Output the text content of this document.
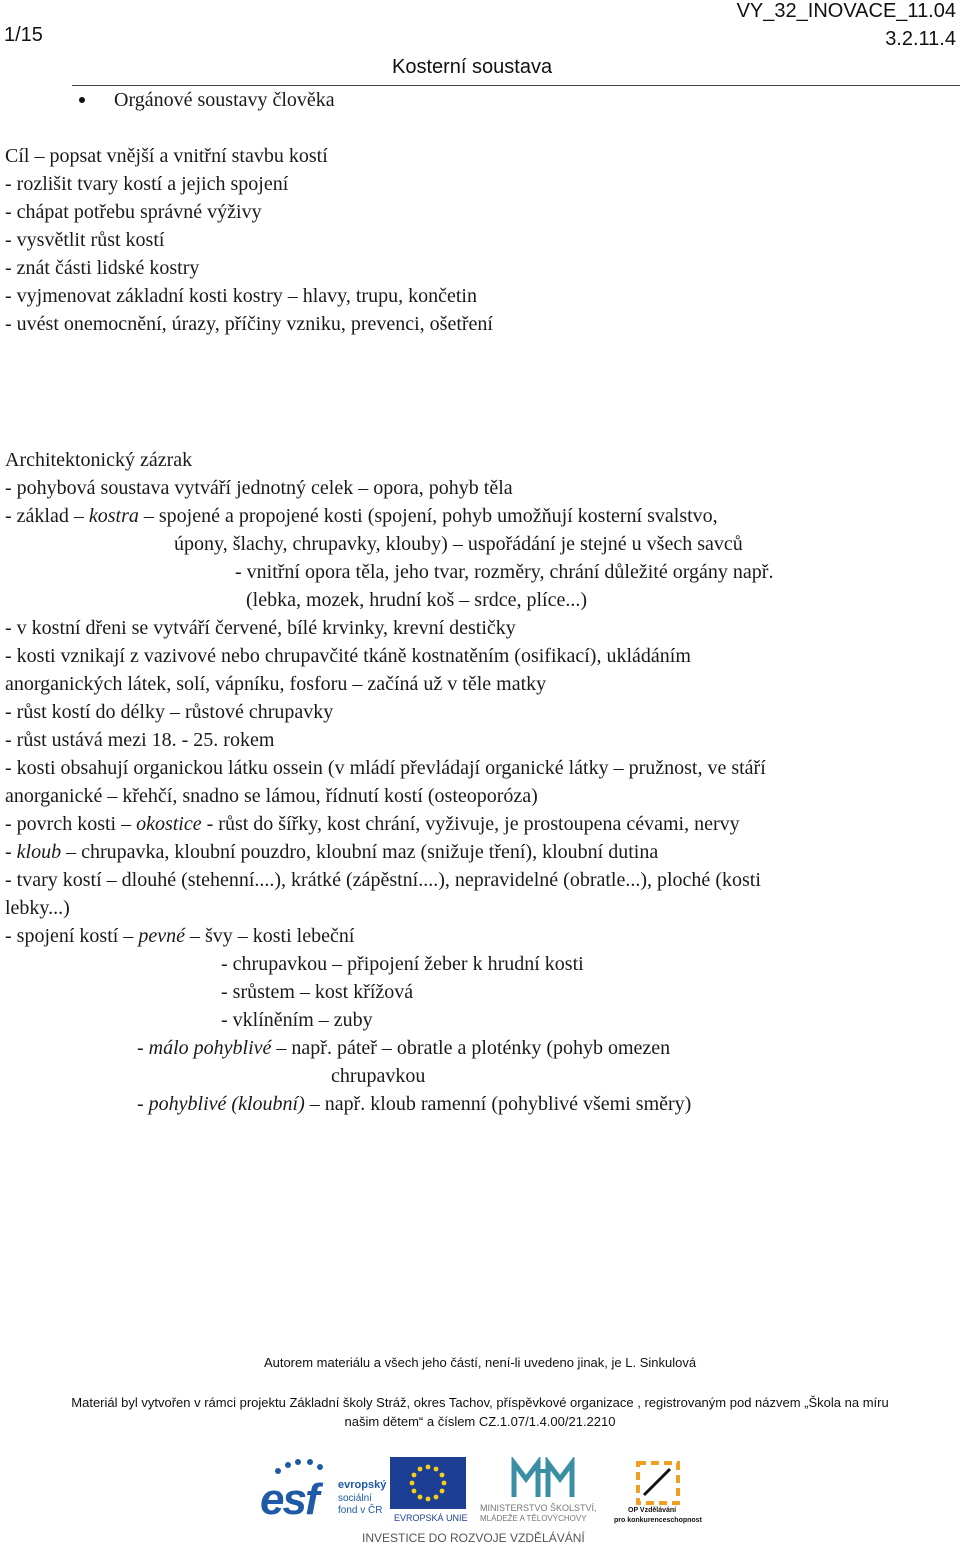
1/15
VY_32_INOVACE_11.04
3.2.11.4
Kosterní soustava
Orgánové soustavy člověka
Cíl – popsat vnější a vnitřní stavbu kostí
- rozlišit tvary kostí a jejich spojení
- chápat potřebu správné výživy
- vysvětlit růst kostí
- znát části lidské kostry
- vyjmenovat základní kosti kostry – hlavy, trupu, končetin
- uvést onemocnění, úrazy, příčiny vzniku, prevenci, ošetření
Architektonický zázrak
- pohybová soustava vytváří jednotný celek – opora, pohyb těla
- základ – kostra – spojené a propojené kosti (spojení, pohyb umožňují kosterní svalstvo,
úpony, šlachy, chrupavky, klouby) – uspořádání je stejné u všech savců
- vnitřní opora těla, jeho tvar, rozměry, chrání důležité orgány např.
(lebka, mozek, hrudní koš – srdce, plíce...)
- v kostní dřeni se vytváří červené, bílé krvinky, krevní destičky
- kosti vznikají z vazivové nebo chrupavčité tkáně kostnatěním (osifikací), ukládáním
anorganických látek, solí, vápníku, fosforu – začíná už v těle matky
- růst kostí do délky – růstové chrupavky
- růst ustává mezi 18. - 25. rokem
- kosti obsahují organickou látku ossein (v mládí převládají organické látky – pružnost, ve stáří
anorganické – křehčí, snadno se lámou, řídnutí kostí (osteoporóza)
- povrch kosti – okostice - růst do šířky, kost chrání, vyživuje, je prostoupena cévami, nervy
- kloub – chrupavka, kloubní pouzdro, kloubní maz (snižuje tření), kloubní dutina
- tvary kostí – dlouhé (stehenní....), krátké (zápěstní....), nepravidelné (obratle...), ploché (kosti
lebky...)
- spojení kostí – pevné – švy – kosti lebeční
- chrupavkou – připojení žeber k hrudní kosti
- srůstem – kost křížová
- vklíněním – zuby
- málo pohyblivé – např. páteř – obratle a ploténky (pohyb omezen
chrupavkou
- pohyblivé (kloubní) – např. kloub ramenní (pohyblivé všemi směry)
Autorem materiálu a všech jeho částí, není-li uvedeno jinak, je L. Sinkulová
Materiál byl vytvořen v rámci projektu Základní školy Stráž, okres Tachov, příspěvkové organizace , registrovaným pod názvem „Škola na míru
našim dětem“ a číslem CZ.1.07/1.4.00/21.2210
esf evropský
sociální
fond v ČR
EVROPSKÁ UNIE
MINISTERSTVO ŠKOLSTVÍ,
MLÁDEŽE A TĚLOVÝCHOVY
OP Vzdělávání
pro konkurenceschopnost
INVESTICE DO ROZVOJE VZDĚLÁVÁNÍ
